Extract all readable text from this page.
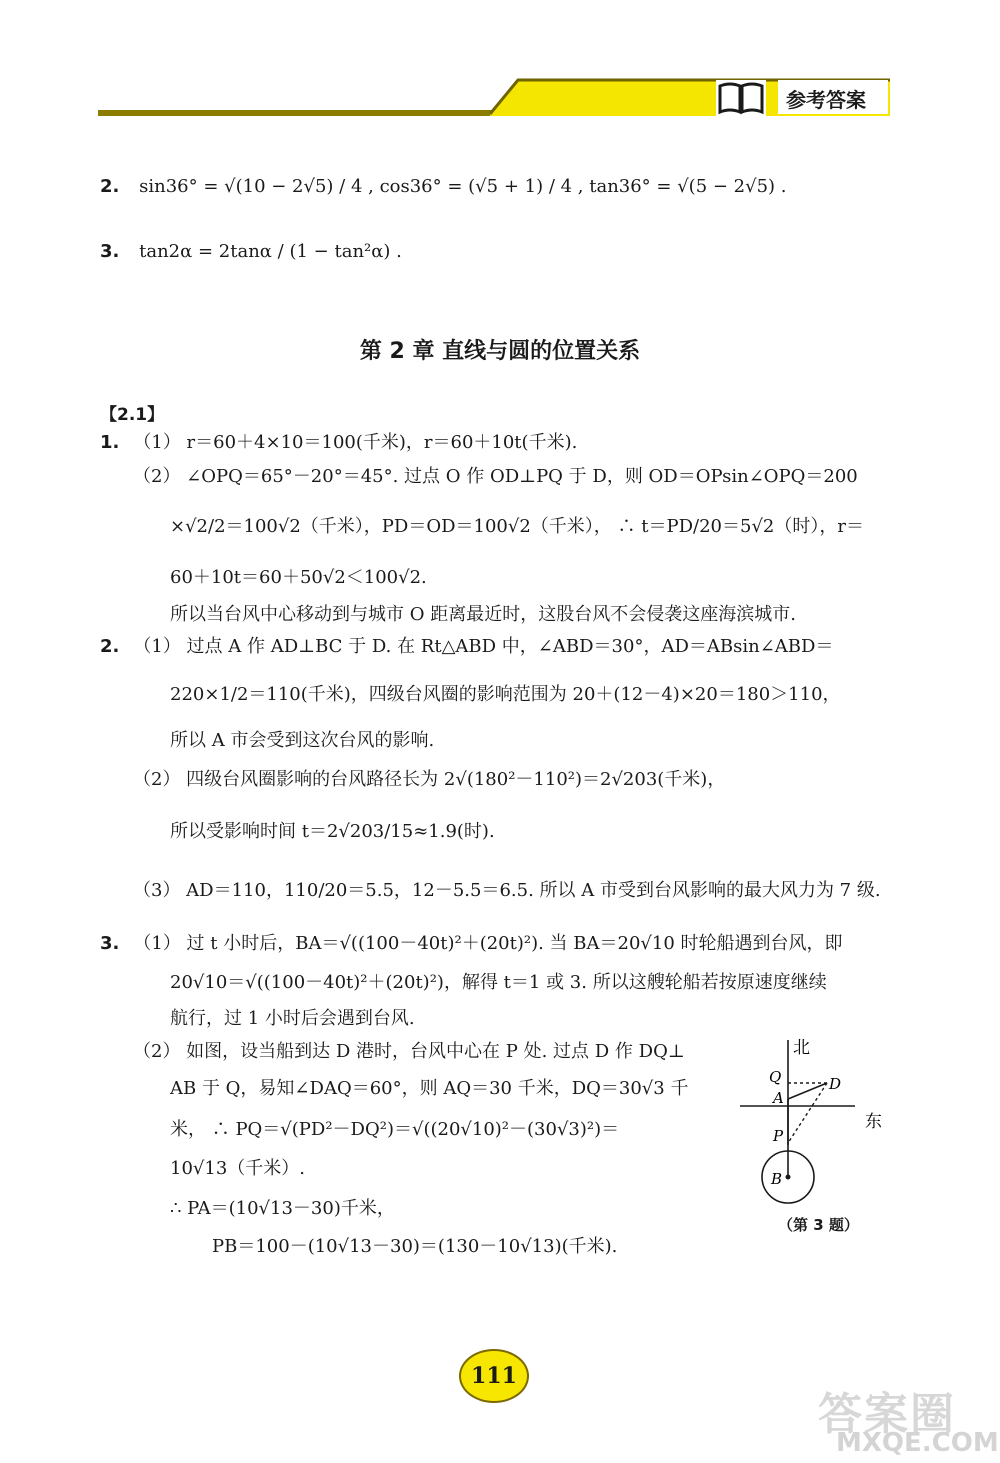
参考答案
2. sin36° = √(10 − 2√5) / 4 , cos36° = (√5 + 1) / 4 , tan36° = √(5 − 2√5) .
3. tan2α = 2tanα / (1 − tan²α) .
第 2 章 直线与圆的位置关系
【2.1】
1. （1） r＝60＋4×10＝100(千米)，r＝60＋10t(千米).
（2） ∠OPQ＝65°－20°＝45°. 过点 O 作 OD⊥PQ 于 D，则 OD＝OPsin∠OPQ＝200
×√2/2＝100√2（千米），PD＝OD＝100√2（千米）， ∴ t＝PD/20＝5√2（时），r＝
60＋10t＝60＋50√2＜100√2.
所以当台风中心移动到与城市 O 距离最近时，这股台风不会侵袭这座海滨城市.
2. （1） 过点 A 作 AD⊥BC 于 D. 在 Rt△ABD 中，∠ABD＝30°，AD＝ABsin∠ABD＝
220×1/2＝110(千米)，四级台风圈的影响范围为 20＋(12－4)×20＝180＞110，
所以 A 市会受到这次台风的影响.
（2） 四级台风圈影响的台风路径长为 2√(180²－110²)＝2√203(千米)，
所以受影响时间 t＝2√203/15≈1.9(时).
（3） AD＝110，110/20＝5.5，12－5.5＝6.5. 所以 A 市受到台风影响的最大风力为 7 级.
3. （1） 过 t 小时后，BA＝√((100－40t)²＋(20t)²). 当 BA＝20√10 时轮船遇到台风，即
20√10＝√((100－40t)²＋(20t)²)，解得 t＝1 或 3. 所以这艘轮船若按原速度继续
航行，过 1 小时后会遇到台风.
（2） 如图，设当船到达 D 港时，台风中心在 P 处. 过点 D 作 DQ⊥
AB 于 Q，易知∠DAQ＝60°，则 AQ＝30 千米，DQ＝30√3 千
米， ∴ PQ＝√(PD²－DQ²)＝√((20√10)²－(30√3)²)＝
10√13（千米）.
∴ PA＝(10√13－30)千米，
PB＝100－(10√13－30)＝(130－10√13)(千米).
北
东
Q	D
A
P
B
（第 3 题）
111
答案圈
MXQE.COM
